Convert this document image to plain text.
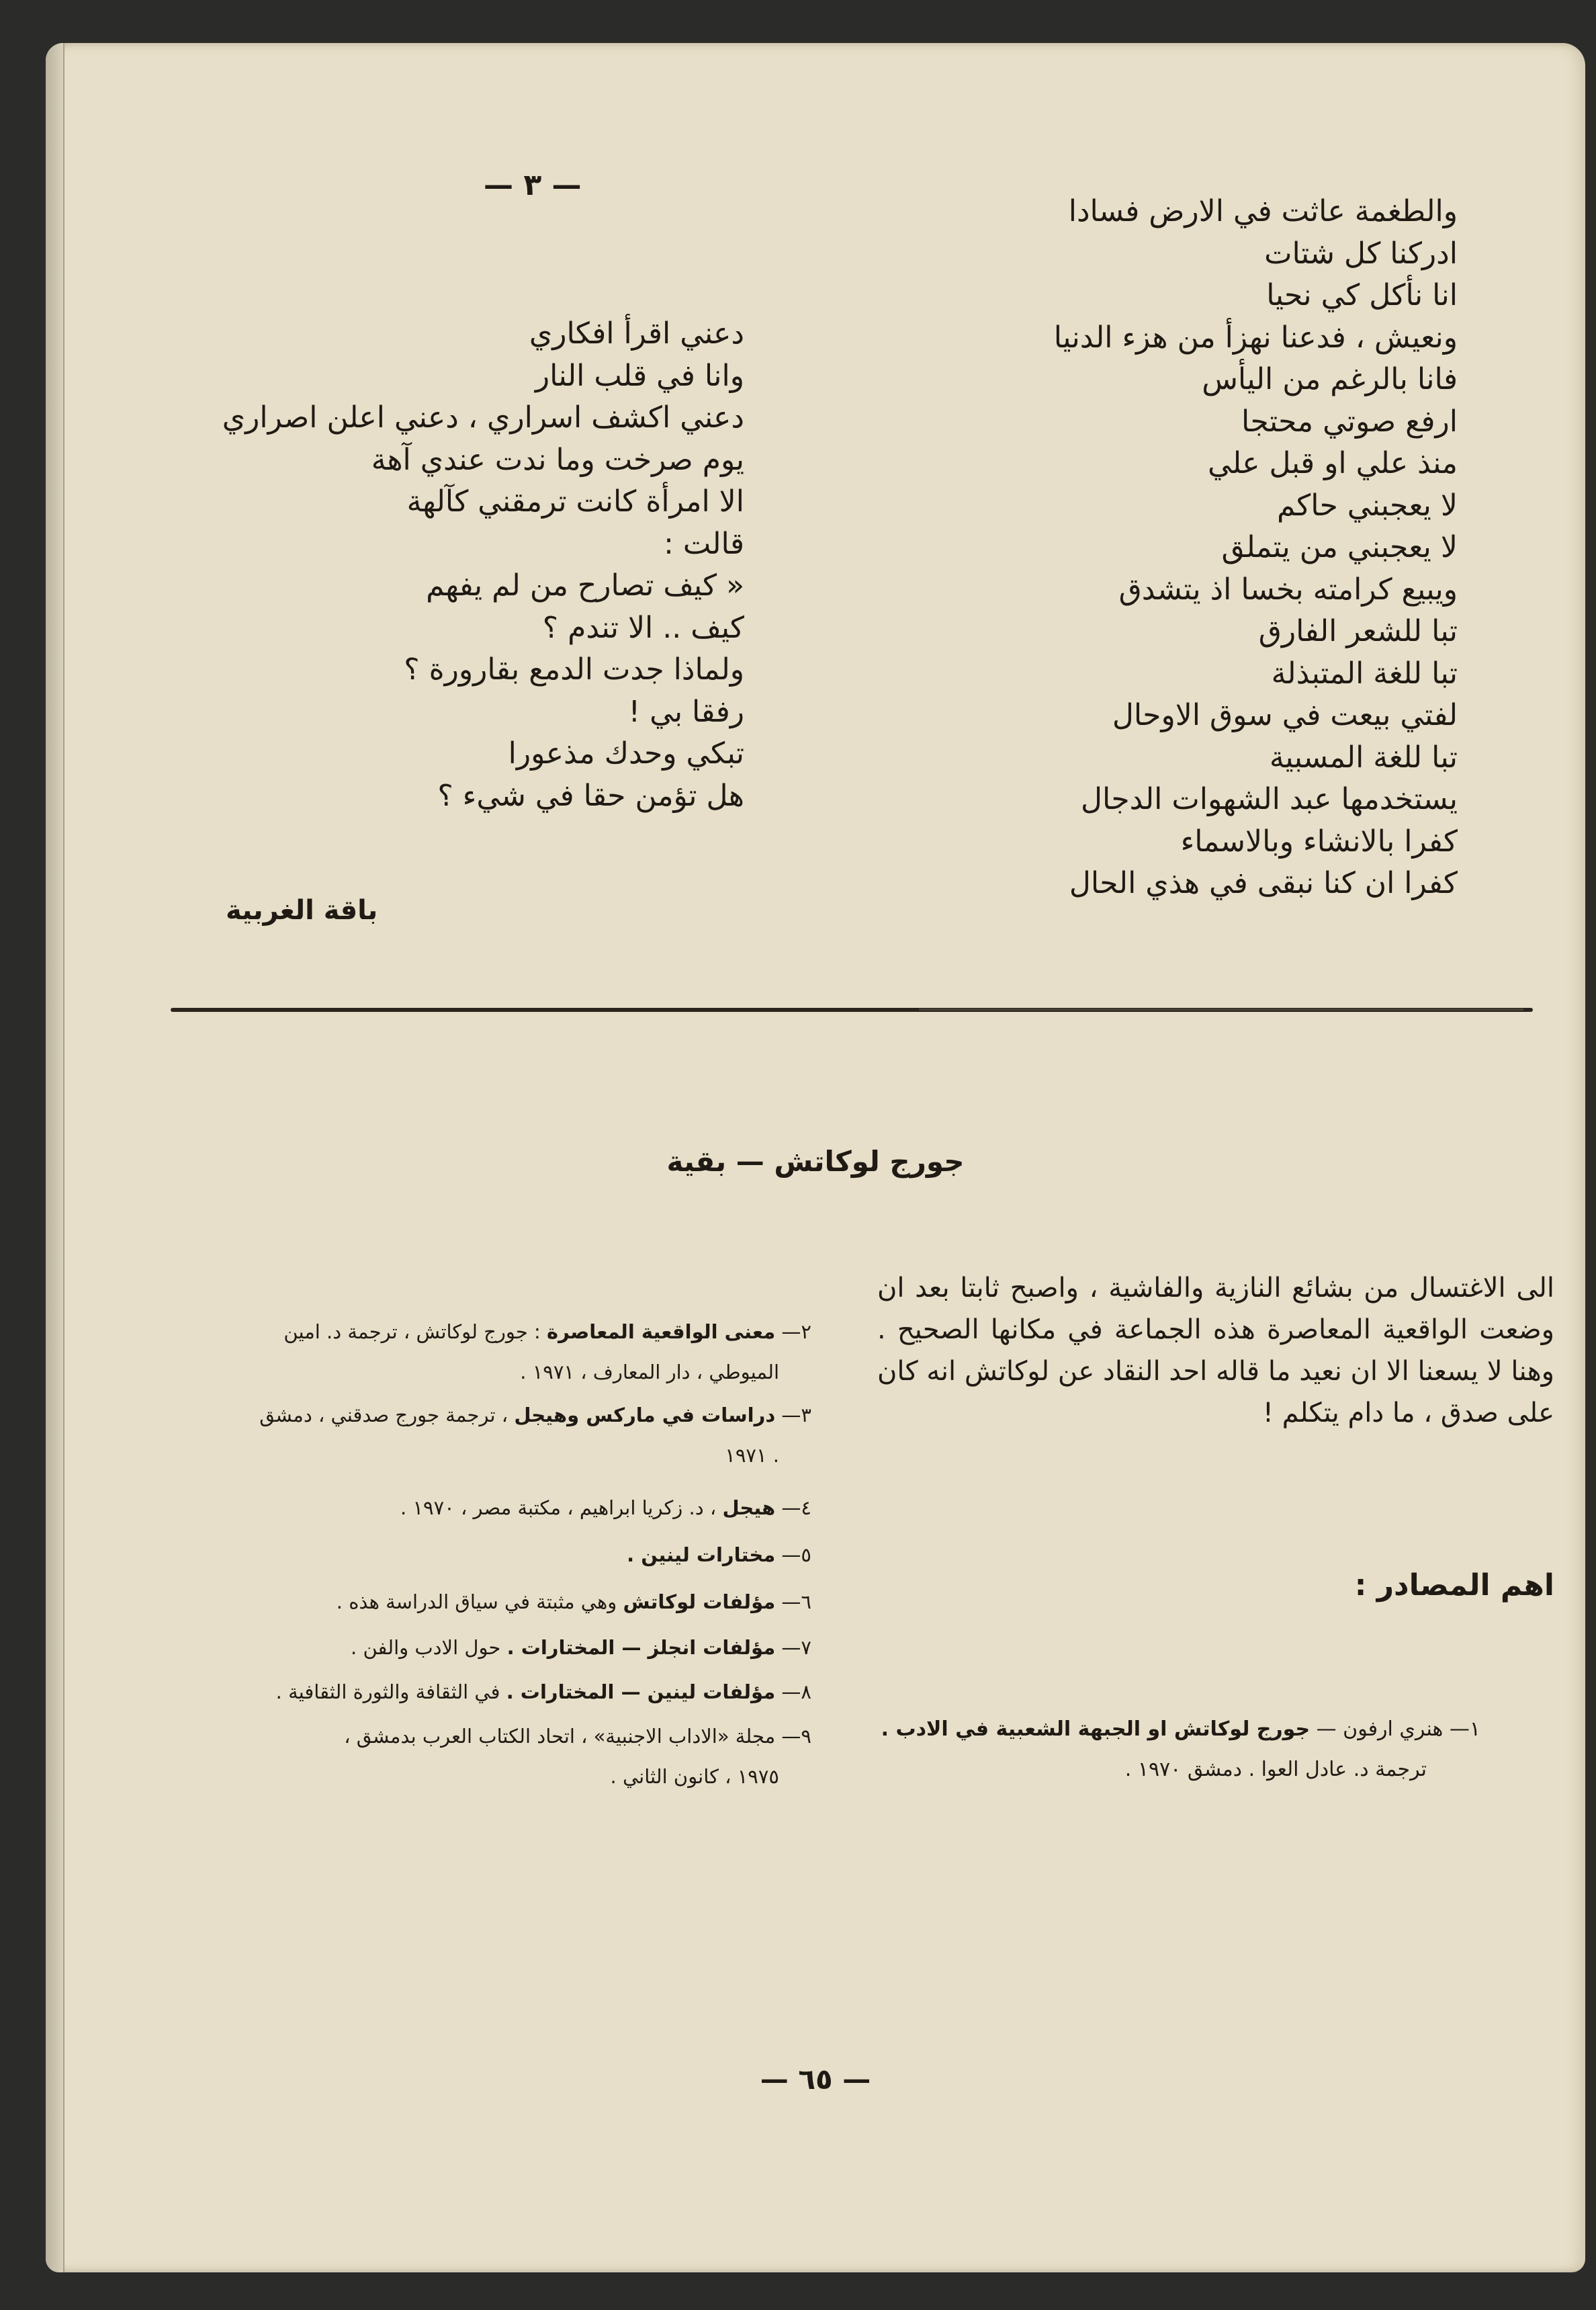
— ٣ —
والطغمة عاثت في الارض فسادا
ادركنا كل شتات
انا نأكل كي نحيا
ونعيش ، فدعنا نهزأ من هزء الدنيا
فانا بالرغم من اليأس
ارفع صوتي محتجا
منذ علي او قبل علي
لا يعجبني حاكم
لا يعجبني من يتملق
ويبيع كرامته بخسا اذ يتشدق
تبا للشعر الفارق
تبا للغة المتبذلة
لفتي بيعت في سوق الاوحال
تبا للغة المسبية
يستخدمها عبد الشهوات الدجال
كفرا بالانشاء وبالاسماء
كفرا ان كنا نبقى في هذي الحال
دعني اقرأ افكاري
وانا في قلب النار
دعني اكشف اسراري ، دعني اعلن اصراري
يوم صرخت وما ندت عندي آهة
الا امرأة كانت ترمقني كآلهة
قالت :
« كيف تصارح من لم يفهم
كيف .. الا تندم ؟
ولماذا جدت الدمع بقارورة ؟
رفقا بي !
تبكي وحدك مذعورا
هل تؤمن حقا في شيء ؟
باقة الغربية
جورج لوكاتش — بقية

الى الاغتسال من بشائع النازية والفاشية ، واصبح ثابتا بعد ان وضعت الواقعية المعاصرة هذه الجماعة في مكانها الصحيح . وهنا لا يسعنا الا ان نعيد ما قاله احد النقاد عن لوكاتش انه كان على صدق ، ما دام يتكلم !

اهم المصادر :

١— هنري ارفون — جورج لوكاتش او الجبهة الشعبية في الادب .
ترجمة د. عادل العوا . دمشق ١٩٧٠ .

٢— معنى الواقعية المعاصرة : جورج لوكاتش ، ترجمة د. امين
الميوطي ، دار المعارف ، ١٩٧١ .

٣— دراسات في ماركس وهيجل ، ترجمة جورج صدقني ، دمشق
١٩٧١ .

٤— هيجل ، د. زكريا ابراهيم ، مكتبة مصر ، ١٩٧٠ .

٥— مختارات لينين .

٦— مؤلفات لوكاتش وهي مثبتة في سياق الدراسة هذه .

٧— مؤلفات انجلز — المختارات . حول الادب والفن .

٨— مؤلفات لينين — المختارات . في الثقافة والثورة الثقافية .

٩— مجلة «الاداب الاجنبية» ، اتحاد الكتاب العرب بدمشق ،
١٩٧٥ ، كانون الثاني .

— ٦٥ —
